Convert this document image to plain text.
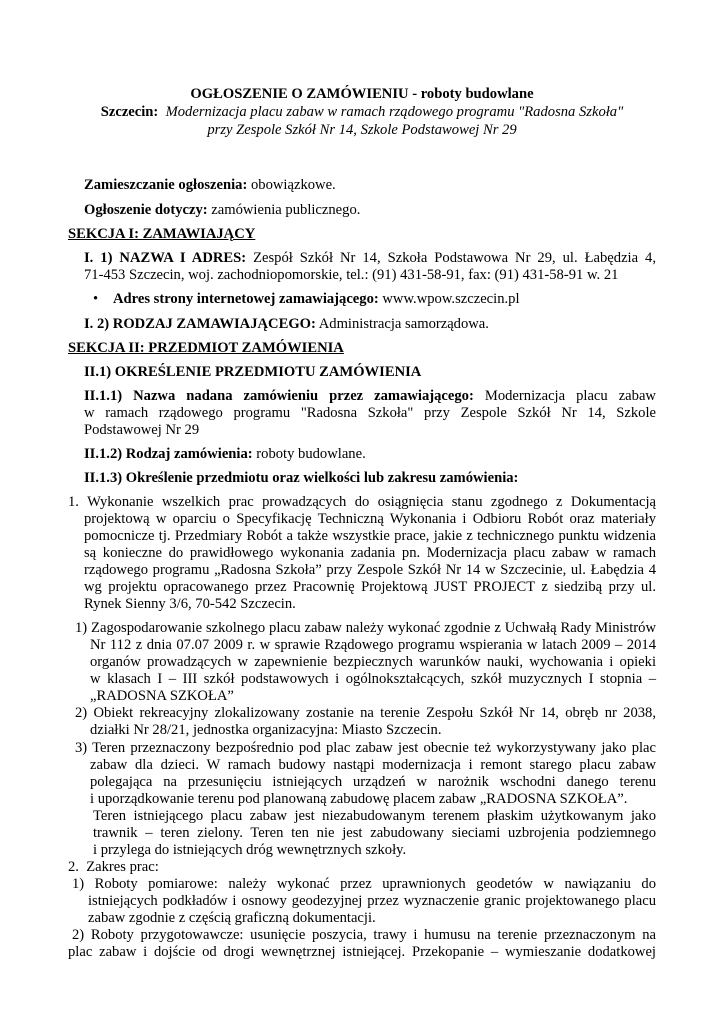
OGŁOSZENIE O ZAMÓWIENIU - roboty budowlane
Szczecin: Modernizacja placu zabaw w ramach rządowego programu "Radosna Szkoła"
przy Zespole Szkół Nr 14, Szkole Podstawowej Nr 29
Zamieszczanie ogłoszenia: obowiązkowe.
Ogłoszenie dotyczy: zamówienia publicznego.
SEKCJA I: ZAMAWIAJĄCY
I. 1) NAZWA I ADRES: Zespół Szkół Nr 14, Szkoła Podstawowa Nr 29, ul. Łabędzia 4,
71-453 Szczecin, woj. zachodniopomorskie, tel.: (91) 431-58-91, fax: (91) 431-58-91 w. 21
• Adres strony internetowej zamawiającego: www.wpow.szczecin.pl
I. 2) RODZAJ ZAMAWIAJĄCEGO: Administracja samorządowa.
SEKCJA II: PRZEDMIOT ZAMÓWIENIA
II.1) OKREŚLENIE PRZEDMIOTU ZAMÓWIENIA
II.1.1) Nazwa nadana zamówieniu przez zamawiającego: Modernizacja placu zabaw
w ramach rządowego programu "Radosna Szkoła" przy Zespole Szkół Nr 14, Szkole
Podstawowej Nr 29
II.1.2) Rodzaj zamówienia: roboty budowlane.
II.1.3) Określenie przedmiotu oraz wielkości lub zakresu zamówienia:
1. Wykonanie wszelkich prac prowadzących do osiągnięcia stanu zgodnego z Dokumentacją
projektową w oparciu o Specyfikację Techniczną Wykonania i Odbioru Robót oraz materiały
pomocnicze tj. Przedmiary Robót a także wszystkie prace, jakie z technicznego punktu widzenia
są konieczne do prawidłowego wykonania zadania pn. Modernizacja placu zabaw w ramach
rządowego programu „Radosna Szkoła” przy Zespole Szkół Nr 14 w Szczecinie, ul. Łabędzia 4
wg projektu opracowanego przez Pracownię Projektową JUST PROJECT z siedzibą przy ul.
Rynek Sienny 3/6, 70-542 Szczecin.
1) Zagospodarowanie szkolnego placu zabaw należy wykonać zgodnie z Uchwałą Rady Ministrów
Nr 112 z dnia 07.07 2009 r. w sprawie Rządowego programu wspierania w latach 2009 – 2014
organów prowadzących w zapewnienie bezpiecznych warunków nauki, wychowania i opieki
w klasach I – III szkół podstawowych i ogólnokształcących, szkół muzycznych I stopnia –
„RADOSNA SZKOŁA”
2) Obiekt rekreacyjny zlokalizowany zostanie na terenie Zespołu Szkół Nr 14, obręb nr 2038,
działki Nr 28/21, jednostka organizacyjna: Miasto Szczecin.
3) Teren przeznaczony bezpośrednio pod plac zabaw jest obecnie też wykorzystywany jako plac
zabaw dla dzieci. W ramach budowy nastąpi modernizacja i remont starego placu zabaw
polegająca na przesunięciu istniejących urządzeń w narożnik wschodni danego terenu
i uporządkowanie terenu pod planowaną zabudowę placem zabaw „RADOSNA SZKOŁA”.
Teren istniejącego placu zabaw jest niezabudowanym terenem płaskim użytkowanym jako
trawnik – teren zielony. Teren ten nie jest zabudowany sieciami uzbrojenia podziemnego
i przylega do istniejących dróg wewnętrznych szkoły.
2.  Zakres prac:
1) Roboty pomiarowe: należy wykonać przez uprawnionych geodetów w nawiązaniu do
istniejących podkładów i osnowy geodezyjnej przez wyznaczenie granic projektowanego placu
zabaw zgodnie z częścią graficzną dokumentacji.
2) Roboty przygotowawcze: usunięcie poszycia, trawy i humusu na terenie przeznaczonym na
plac zabaw i dojście od drogi wewnętrznej istniejącej. Przekopanie – wymieszanie dodatkowej
